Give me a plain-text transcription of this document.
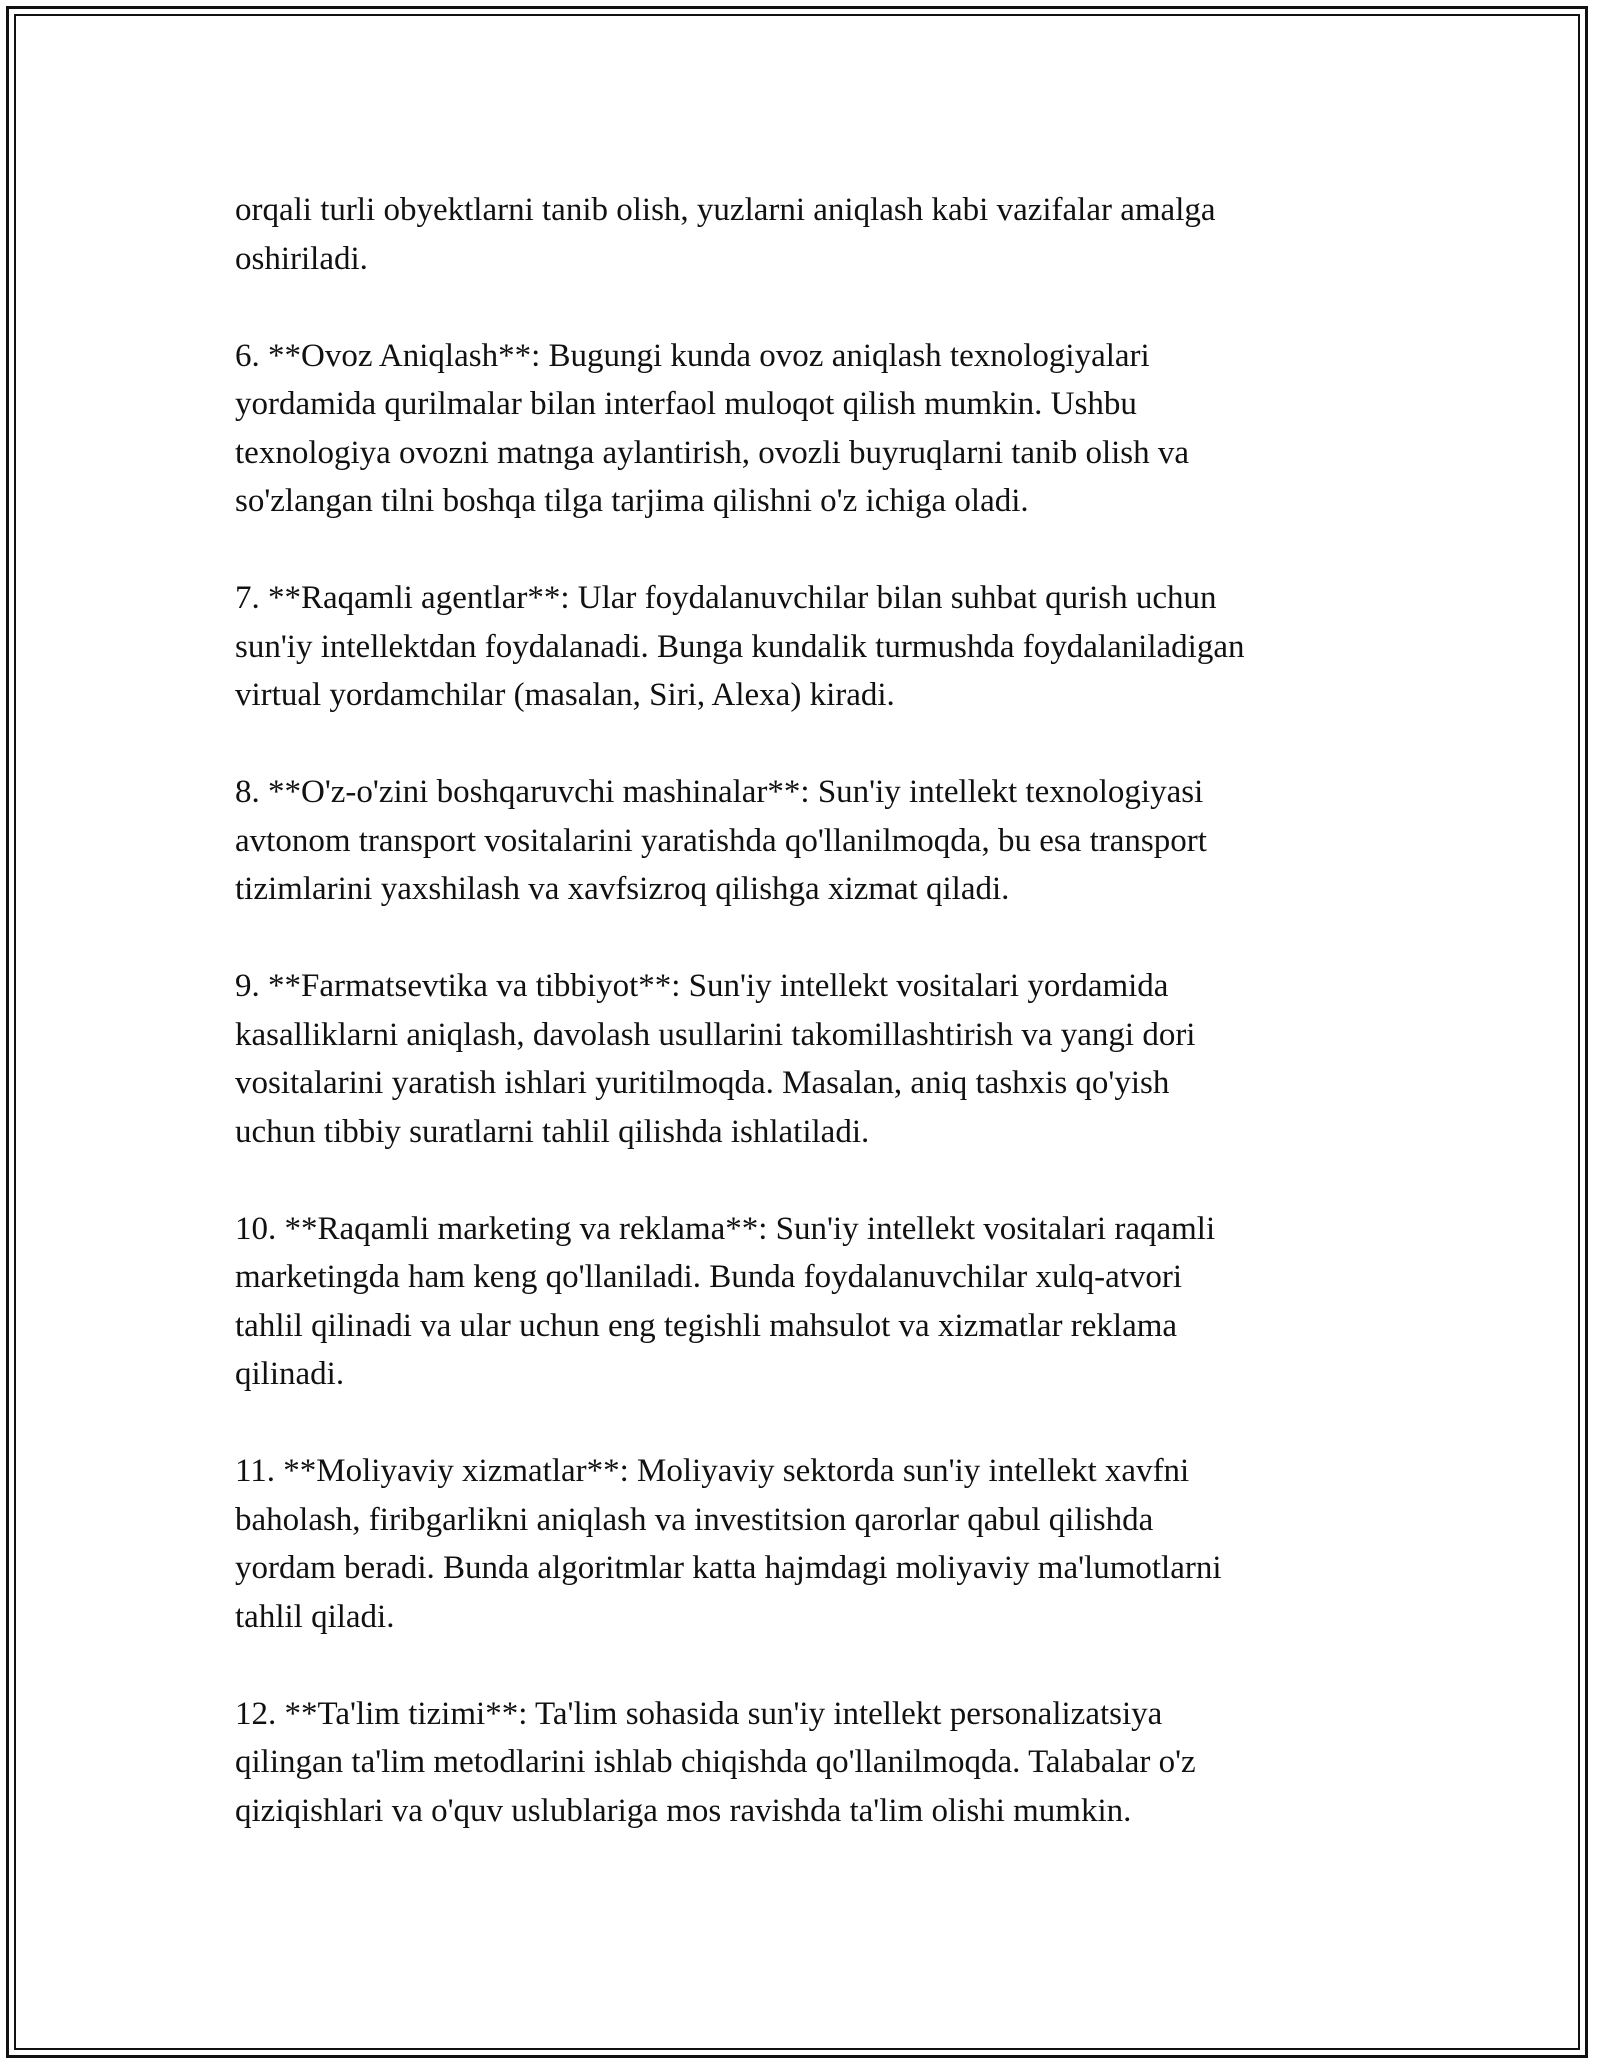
orqali turli obyektlarni tanib olish, yuzlarni aniqlash kabi vazifalar amalga
oshiriladi.

6. **Ovoz Aniqlash**: Bugungi kunda ovoz aniqlash texnologiyalari
yordamida qurilmalar bilan interfaol muloqot qilish mumkin. Ushbu
texnologiya ovozni matnga aylantirish, ovozli buyruqlarni tanib olish va
so'zlangan tilni boshqa tilga tarjima qilishni o'z ichiga oladi.

7. **Raqamli agentlar**: Ular foydalanuvchilar bilan suhbat qurish uchun
sun'iy intellektdan foydalanadi. Bunga kundalik turmushda foydalaniladigan
virtual yordamchilar (masalan, Siri, Alexa) kiradi.

8. **O'z-o'zini boshqaruvchi mashinalar**: Sun'iy intellekt texnologiyasi
avtonom transport vositalarini yaratishda qo'llanilmoqda, bu esa transport
tizimlarini yaxshilash va xavfsizroq qilishga xizmat qiladi.

9. **Farmatsevtika va tibbiyot**: Sun'iy intellekt vositalari yordamida
kasalliklarni aniqlash, davolash usullarini takomillashtirish va yangi dori
vositalarini yaratish ishlari yuritilmoqda. Masalan, aniq tashxis qo'yish
uchun tibbiy suratlarni tahlil qilishda ishlatiladi.

10. **Raqamli marketing va reklama**: Sun'iy intellekt vositalari raqamli
marketingda ham keng qo'llaniladi. Bunda foydalanuvchilar xulq-atvori
tahlil qilinadi va ular uchun eng tegishli mahsulot va xizmatlar reklama
qilinadi.

11. **Moliyaviy xizmatlar**: Moliyaviy sektorda sun'iy intellekt xavfni
baholash, firibgarlikni aniqlash va investitsion qarorlar qabul qilishda
yordam beradi. Bunda algoritmlar katta hajmdagi moliyaviy ma'lumotlarni
tahlil qiladi.

12. **Ta'lim tizimi**: Ta'lim sohasida sun'iy intellekt personalizatsiya
qilingan ta'lim metodlarini ishlab chiqishda qo'llanilmoqda. Talabalar o'z
qiziqishlari va o'quv uslublariga mos ravishda ta'lim olishi mumkin.
